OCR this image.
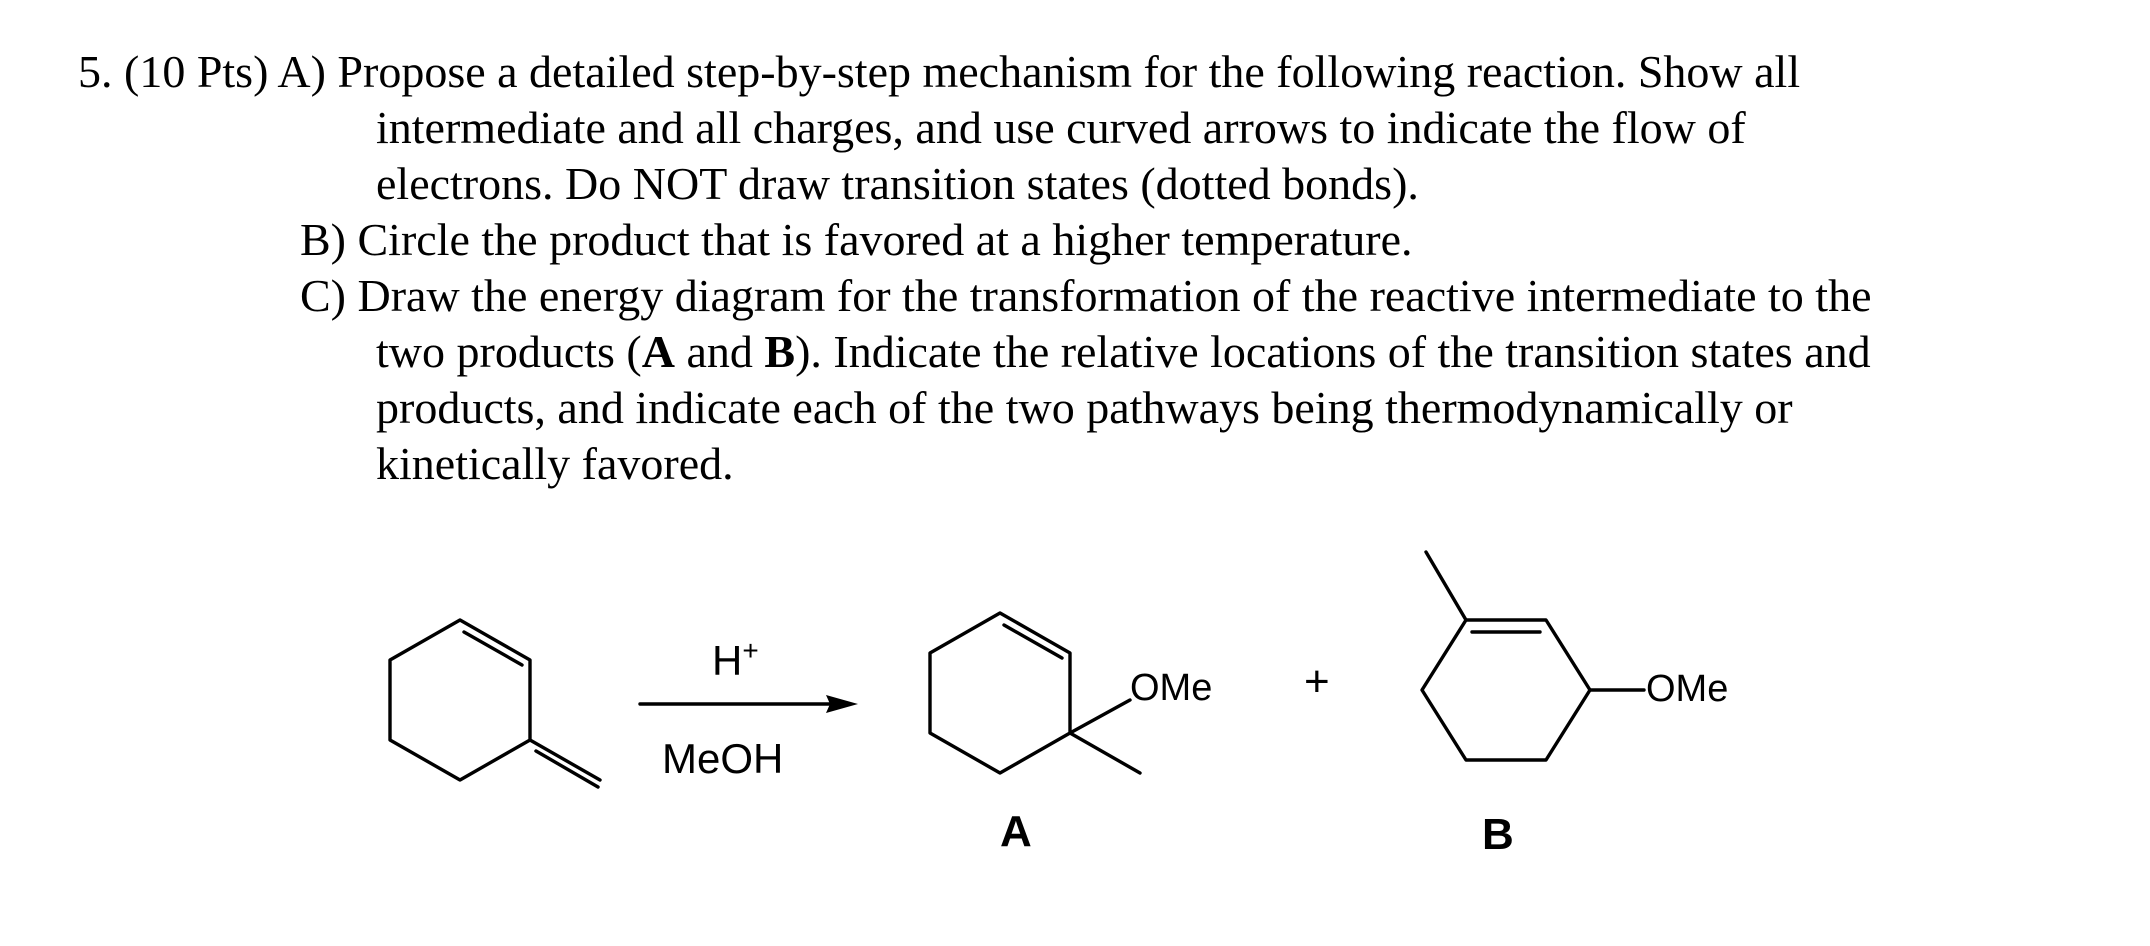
5. (10 Pts) A) Propose a detailed step-by-step mechanism for the following reaction. Show all
intermediate and all charges, and use curved arrows to indicate the flow of
electrons. Do NOT draw transition states (dotted bonds).
B) Circle the product that is favored at a higher temperature.
C) Draw the energy diagram for the transformation of the reactive intermediate to the
two products (A and B). Indicate the relative locations of the transition states and
products, and indicate each of the two pathways being thermodynamically or
kinetically favored.
H+
MeOH
OMe +	OMe
A	B
